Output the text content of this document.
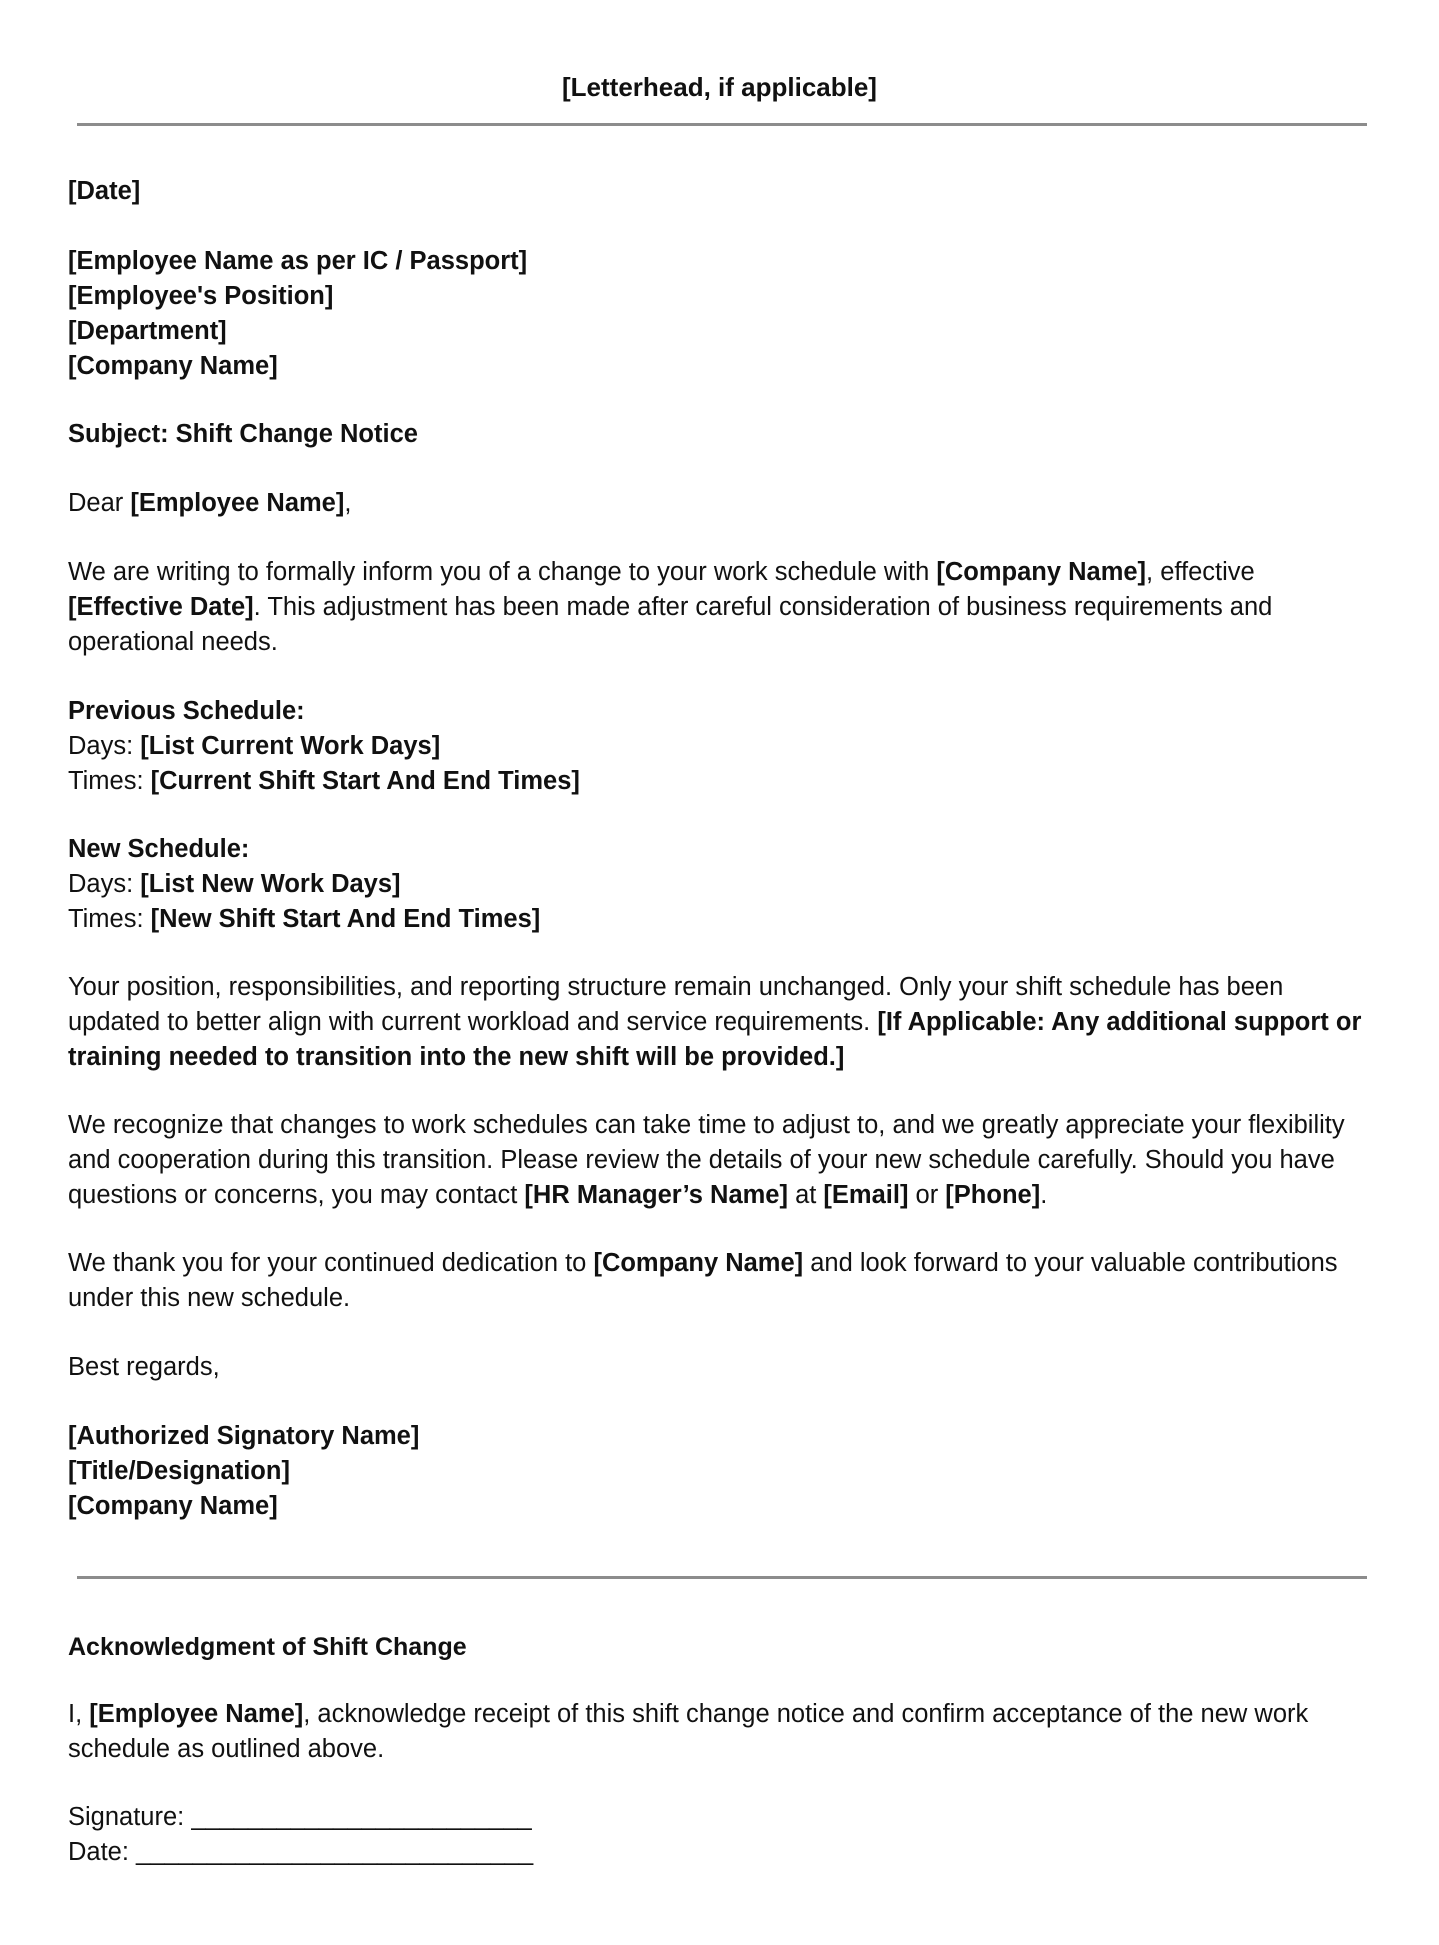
[Letterhead, if applicable]

[Date]

[Employee Name as per IC / Passport]

[Employee's Position]

[Department]

[Company Name]

Subject: Shift Change Notice

Dear [Employee Name],

We are writing to formally inform you of a change to your work schedule with [Company Name], effective [Effective Date]. This adjustment has been made after careful consideration of business requirements and operational needs.

Previous Schedule:

Days: [List Current Work Days]

Times: [Current Shift Start And End Times]

New Schedule:

Days: [List New Work Days]

Times: [New Shift Start And End Times]

Your position, responsibilities, and reporting structure remain unchanged. Only your shift schedule has been updated to better align with current workload and service requirements. [If Applicable: Any additional support or training needed to transition into the new shift will be provided.]

We recognize that changes to work schedules can take time to adjust to, and we greatly appreciate your flexibility and cooperation during this transition. Please review the details of your new schedule carefully. Should you have questions or concerns, you may contact [HR Manager’s Name] at [Email] or [Phone].

We thank you for your continued dedication to [Company Name] and look forward to your valuable contributions under this new schedule.

Best regards,

[Authorized Signatory Name]

[Title/Designation]

[Company Name]

Acknowledgment of Shift Change

I, [Employee Name], acknowledge receipt of this shift change notice and confirm acceptance of the new work schedule as outlined above.

Signature: ________________________

Date: ____________________________
